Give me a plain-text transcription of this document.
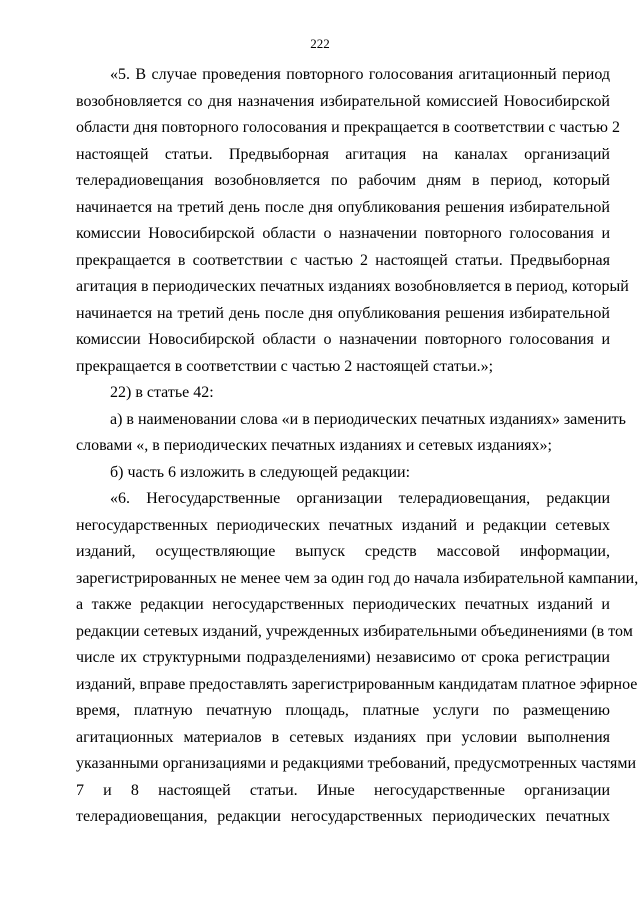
222
«5. В случае проведения повторного голосования агитационный период
возобновляется со дня назначения избирательной комиссией Новосибирской
области дня повторного голосования и прекращается в соответствии с частью 2
настоящей статьи. Предвыборная агитация на каналах организаций
телерадиовещания возобновляется по рабочим дням в период, который
начинается на третий день после дня опубликования решения избирательной
комиссии Новосибирской области о назначении повторного голосования и
прекращается в соответствии с частью 2 настоящей статьи. Предвыборная
агитация в периодических печатных изданиях возобновляется в период, который
начинается на третий день после дня опубликования решения избирательной
комиссии Новосибирской области о назначении повторного голосования и
прекращается в соответствии с частью 2 настоящей статьи.»;
22) в статье 42:
а) в наименовании слова «и в периодических печатных изданиях» заменить
словами «, в периодических печатных изданиях и сетевых изданиях»;
б) часть 6 изложить в следующей редакции:
«6. Негосударственные организации телерадиовещания, редакции
негосударственных периодических печатных изданий и редакции сетевых
изданий, осуществляющие выпуск средств массовой информации,
зарегистрированных не менее чем за один год до начала избирательной кампании,
а также редакции негосударственных периодических печатных изданий и
редакции сетевых изданий, учрежденных избирательными объединениями (в том
числе их структурными подразделениями) независимо от срока регистрации
изданий, вправе предоставлять зарегистрированным кандидатам платное эфирное
время, платную печатную площадь, платные услуги по размещению
агитационных материалов в сетевых изданиях при условии выполнения
указанными организациями и редакциями требований, предусмотренных частями
7 и 8 настоящей статьи. Иные негосударственные организации
телерадиовещания, редакции негосударственных периодических печатных
